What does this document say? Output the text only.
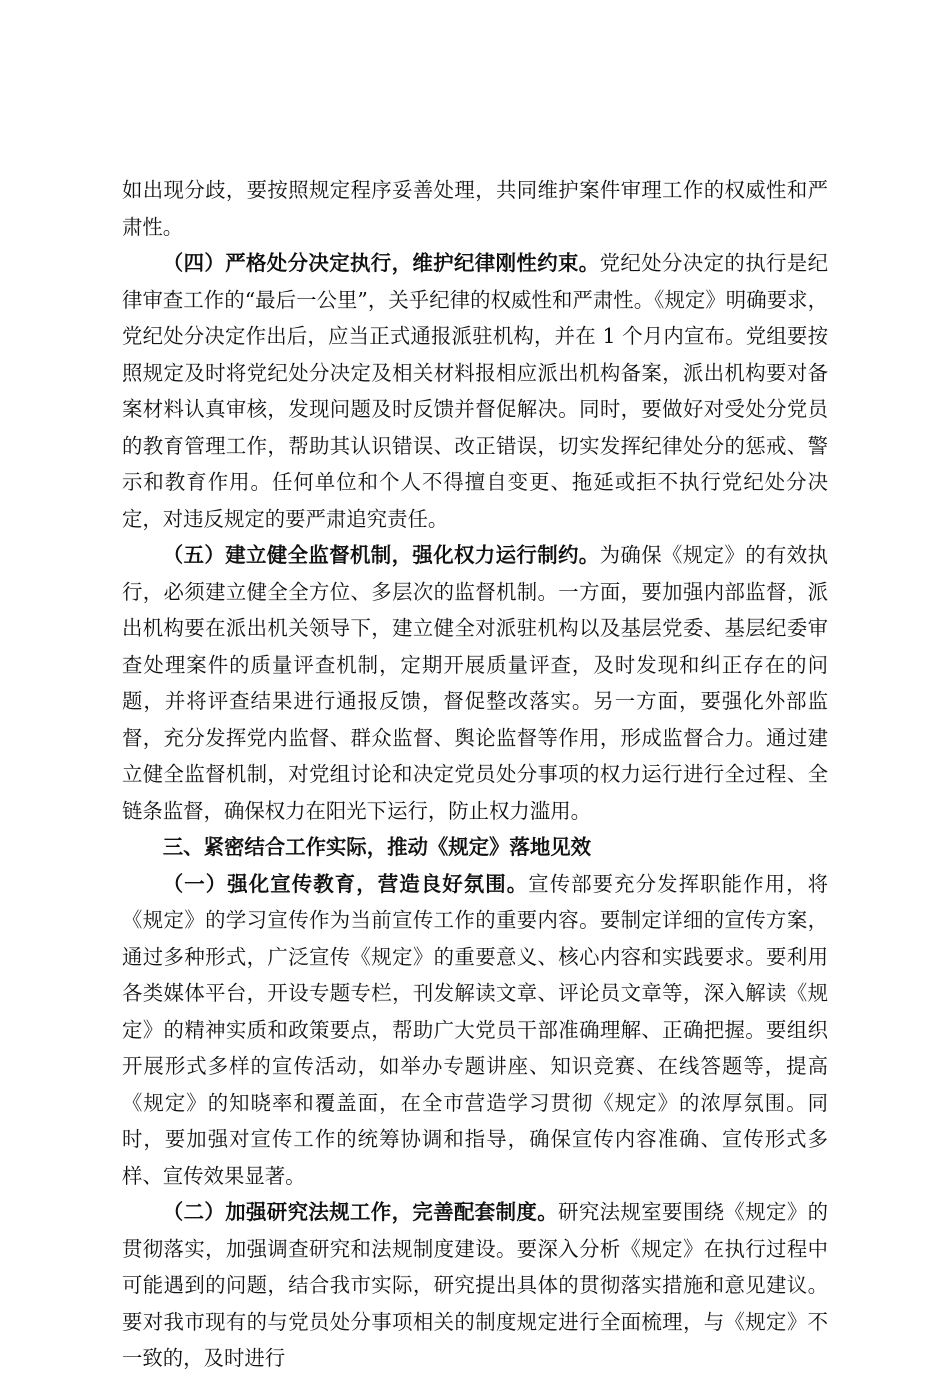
如出现分歧，要按照规定程序妥善处理，共同维护案件审理工作的权威性和严肃性。

（四）严格处分决定执行，维护纪律刚性约束。党纪处分决定的执行是纪律审查工作的“最后一公里”，关乎纪律的权威性和严肃性。《规定》明确要求，党纪处分决定作出后，应当正式通报派驻机构，并在 1 个月内宣布。党组要按照规定及时将党纪处分决定及相关材料报相应派出机构备案，派出机构要对备案材料认真审核，发现问题及时反馈并督促解决。同时，要做好对受处分党员的教育管理工作，帮助其认识错误、改正错误，切实发挥纪律处分的惩戒、警示和教育作用。任何单位和个人不得擅自变更、拖延或拒不执行党纪处分决定，对违反规定的要严肃追究责任。

（五）建立健全监督机制，强化权力运行制约。为确保《规定》的有效执行，必须建立健全全方位、多层次的监督机制。一方面，要加强内部监督，派出机构要在派出机关领导下，建立健全对派驻机构以及基层党委、基层纪委审查处理案件的质量评查机制，定期开展质量评查，及时发现和纠正存在的问题，并将评查结果进行通报反馈，督促整改落实。另一方面，要强化外部监督，充分发挥党内监督、群众监督、舆论监督等作用，形成监督合力。通过建立健全监督机制，对党组讨论和决定党员处分事项的权力运行进行全过程、全链条监督，确保权力在阳光下运行，防止权力滥用。

三、紧密结合工作实际，推动《规定》落地见效

（一）强化宣传教育，营造良好氛围。宣传部要充分发挥职能作用，将《规定》的学习宣传作为当前宣传工作的重要内容。要制定详细的宣传方案，通过多种形式，广泛宣传《规定》的重要意义、核心内容和实践要求。要利用各类媒体平台，开设专题专栏，刊发解读文章、评论员文章等，深入解读《规定》的精神实质和政策要点，帮助广大党员干部准确理解、正确把握。要组织开展形式多样的宣传活动，如举办专题讲座、知识竞赛、在线答题等，提高《规定》的知晓率和覆盖面，在全市营造学习贯彻《规定》的浓厚氛围。同时，要加强对宣传工作的统筹协调和指导，确保宣传内容准确、宣传形式多样、宣传效果显著。

（二）加强研究法规工作，完善配套制度。研究法规室要围绕《规定》的贯彻落实，加强调查研究和法规制度建设。要深入分析《规定》在执行过程中可能遇到的问题，结合我市实际，研究提出具体的贯彻落实措施和意见建议。要对我市现有的与党员处分事项相关的制度规定进行全面梳理，与《规定》不一致的，及时进行
